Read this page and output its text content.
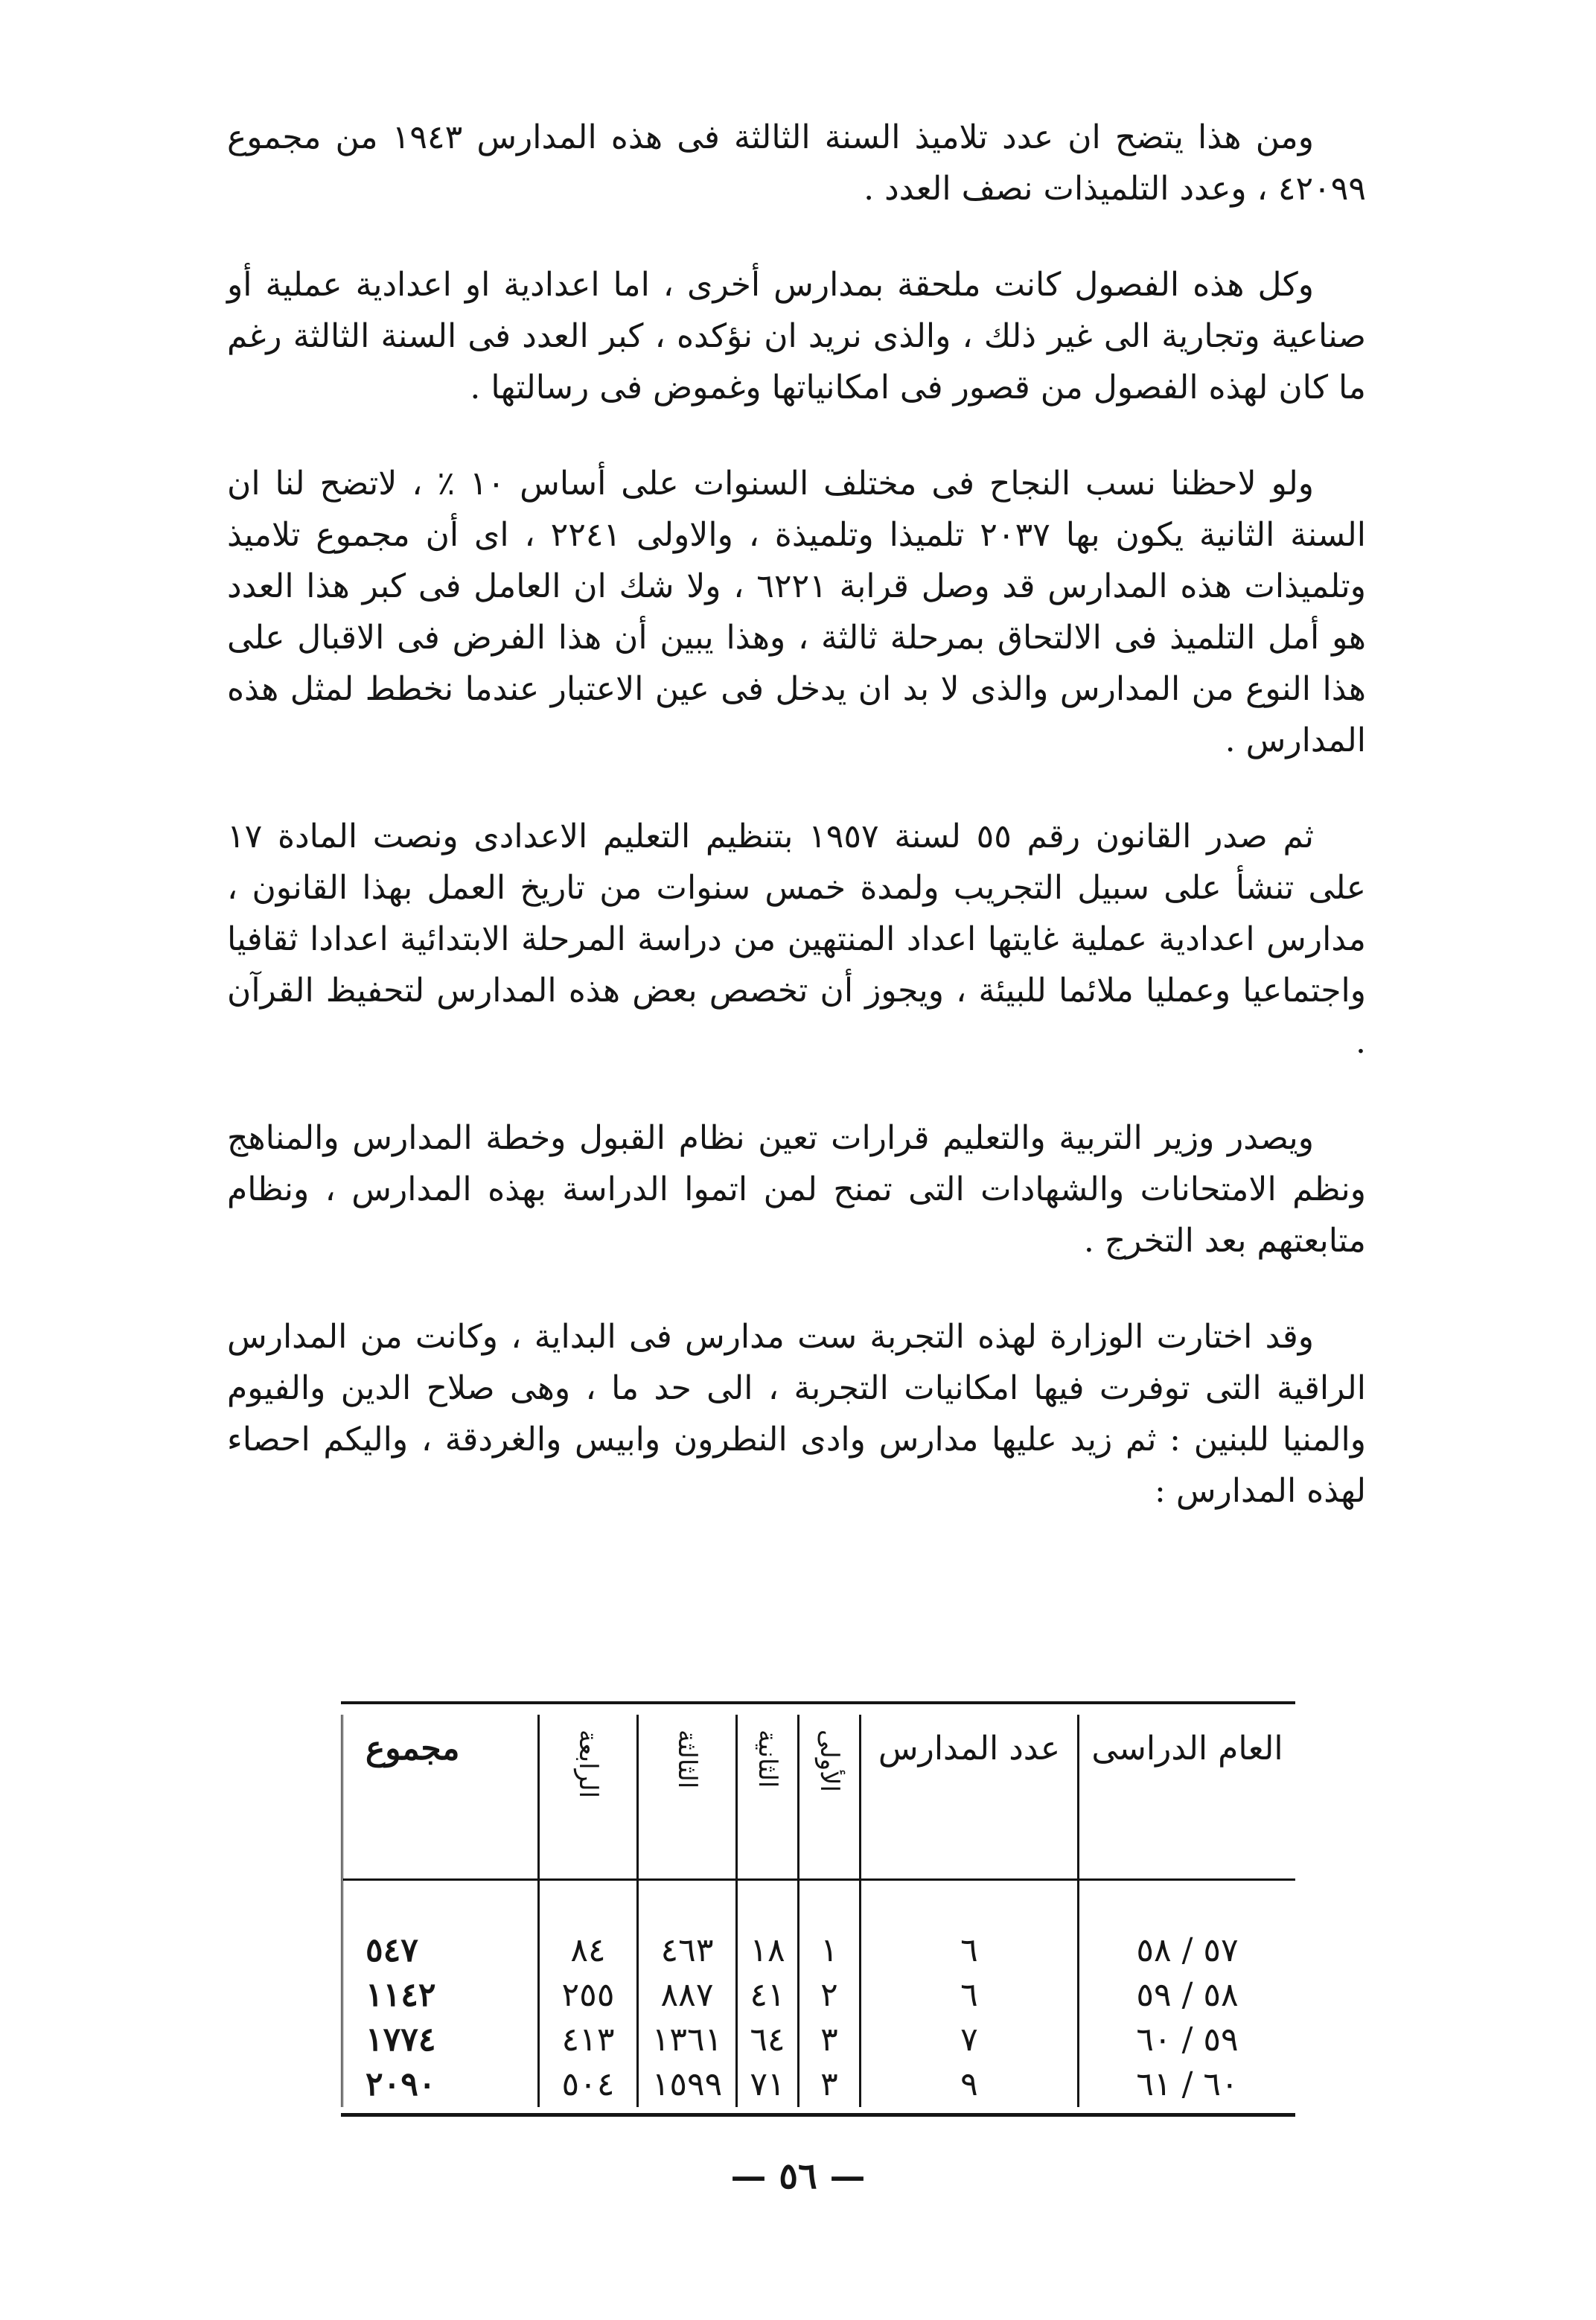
ومن هذا يتضح ان عدد تلاميذ السنة الثالثة فى هذه المدارس ١٩٤٣ من مجموع ٤٢٠٩٩ ، وعدد التلميذات نصف العدد .

وكل هذه الفصول كانت ملحقة بمدارس أخرى ، اما اعدادية او اعدادية عملية أو صناعية وتجارية الى غير ذلك ، والذى نريد ان نؤكده ، كبر العدد فى السنة الثالثة رغم ما كان لهذه الفصول من قصور فى امكانياتها وغموض فى رسالتها .

ولو لاحظنا نسب النجاح فى مختلف السنوات على أساس ١٠ ٪ ، لاتضح لنا ان السنة الثانية يكون بها ٢٠٣٧ تلميذا وتلميذة ، والاولى ٢٢٤١ ، اى أن مجموع تلاميذ وتلميذات هذه المدارس قد وصل قرابة ٦٢٢١ ، ولا شك ان العامل فى كبر هذا العدد هو أمل التلميذ فى الالتحاق بمرحلة ثالثة ، وهذا يبين أن هذا الفرض فى الاقبال على هذا النوع من المدارس والذى لا بد ان يدخل فى عين الاعتبار عندما نخطط لمثل هذه المدارس .

ثم صدر القانون رقم ٥٥ لسنة ١٩٥٧ بتنظيم التعليم الاعدادى ونصت المادة ١٧ على تنشأ على سبيل التجريب ولمدة خمس سنوات من تاريخ العمل بهذا القانون ، مدارس اعدادية عملية غايتها اعداد المنتهين من دراسة المرحلة الابتدائية اعدادا ثقافيا واجتماعيا وعمليا ملائما للبيئة ، ويجوز أن تخصص بعض هذه المدارس لتحفيظ القرآن .

ويصدر وزير التربية والتعليم قرارات تعين نظام القبول وخطة المدارس والمناهج ونظم الامتحانات والشهادات التى تمنح لمن اتموا الدراسة بهذه المدارس ، ونظام متابعتهم بعد التخرج .

وقد اختارت الوزارة لهذه التجربة ست مدارس فى البداية ، وكانت من المدارس الراقية التى توفرت فيها امكانيات التجربة ، الى حد ما ، وهى صلاح الدين والفيوم والمنيا للبنين : ثم زيد عليها مدارس وادى النطرون وابيس والغردقة ، واليكم احصاء لهذه المدارس :

العام الدراسى	عدد المدارس	الأولى	الثانية	الثالثة	الرابعة	مجموع
٥٧ / ٥٨	٦	١	١٨	٤٦٣	٨٤	٥٤٧
٥٨ / ٥٩	٦	٢	٤١	٨٨٧	٢٥٥	١١٤٢
٥٩ / ٦٠	٧	٣	٦٤	١٣٦١	٤١٣	١٧٧٤
٦٠ / ٦١	٩	٣	٧١	١٥٩٩	٥٠٤	٢٠٩٠
— ٥٦ —
